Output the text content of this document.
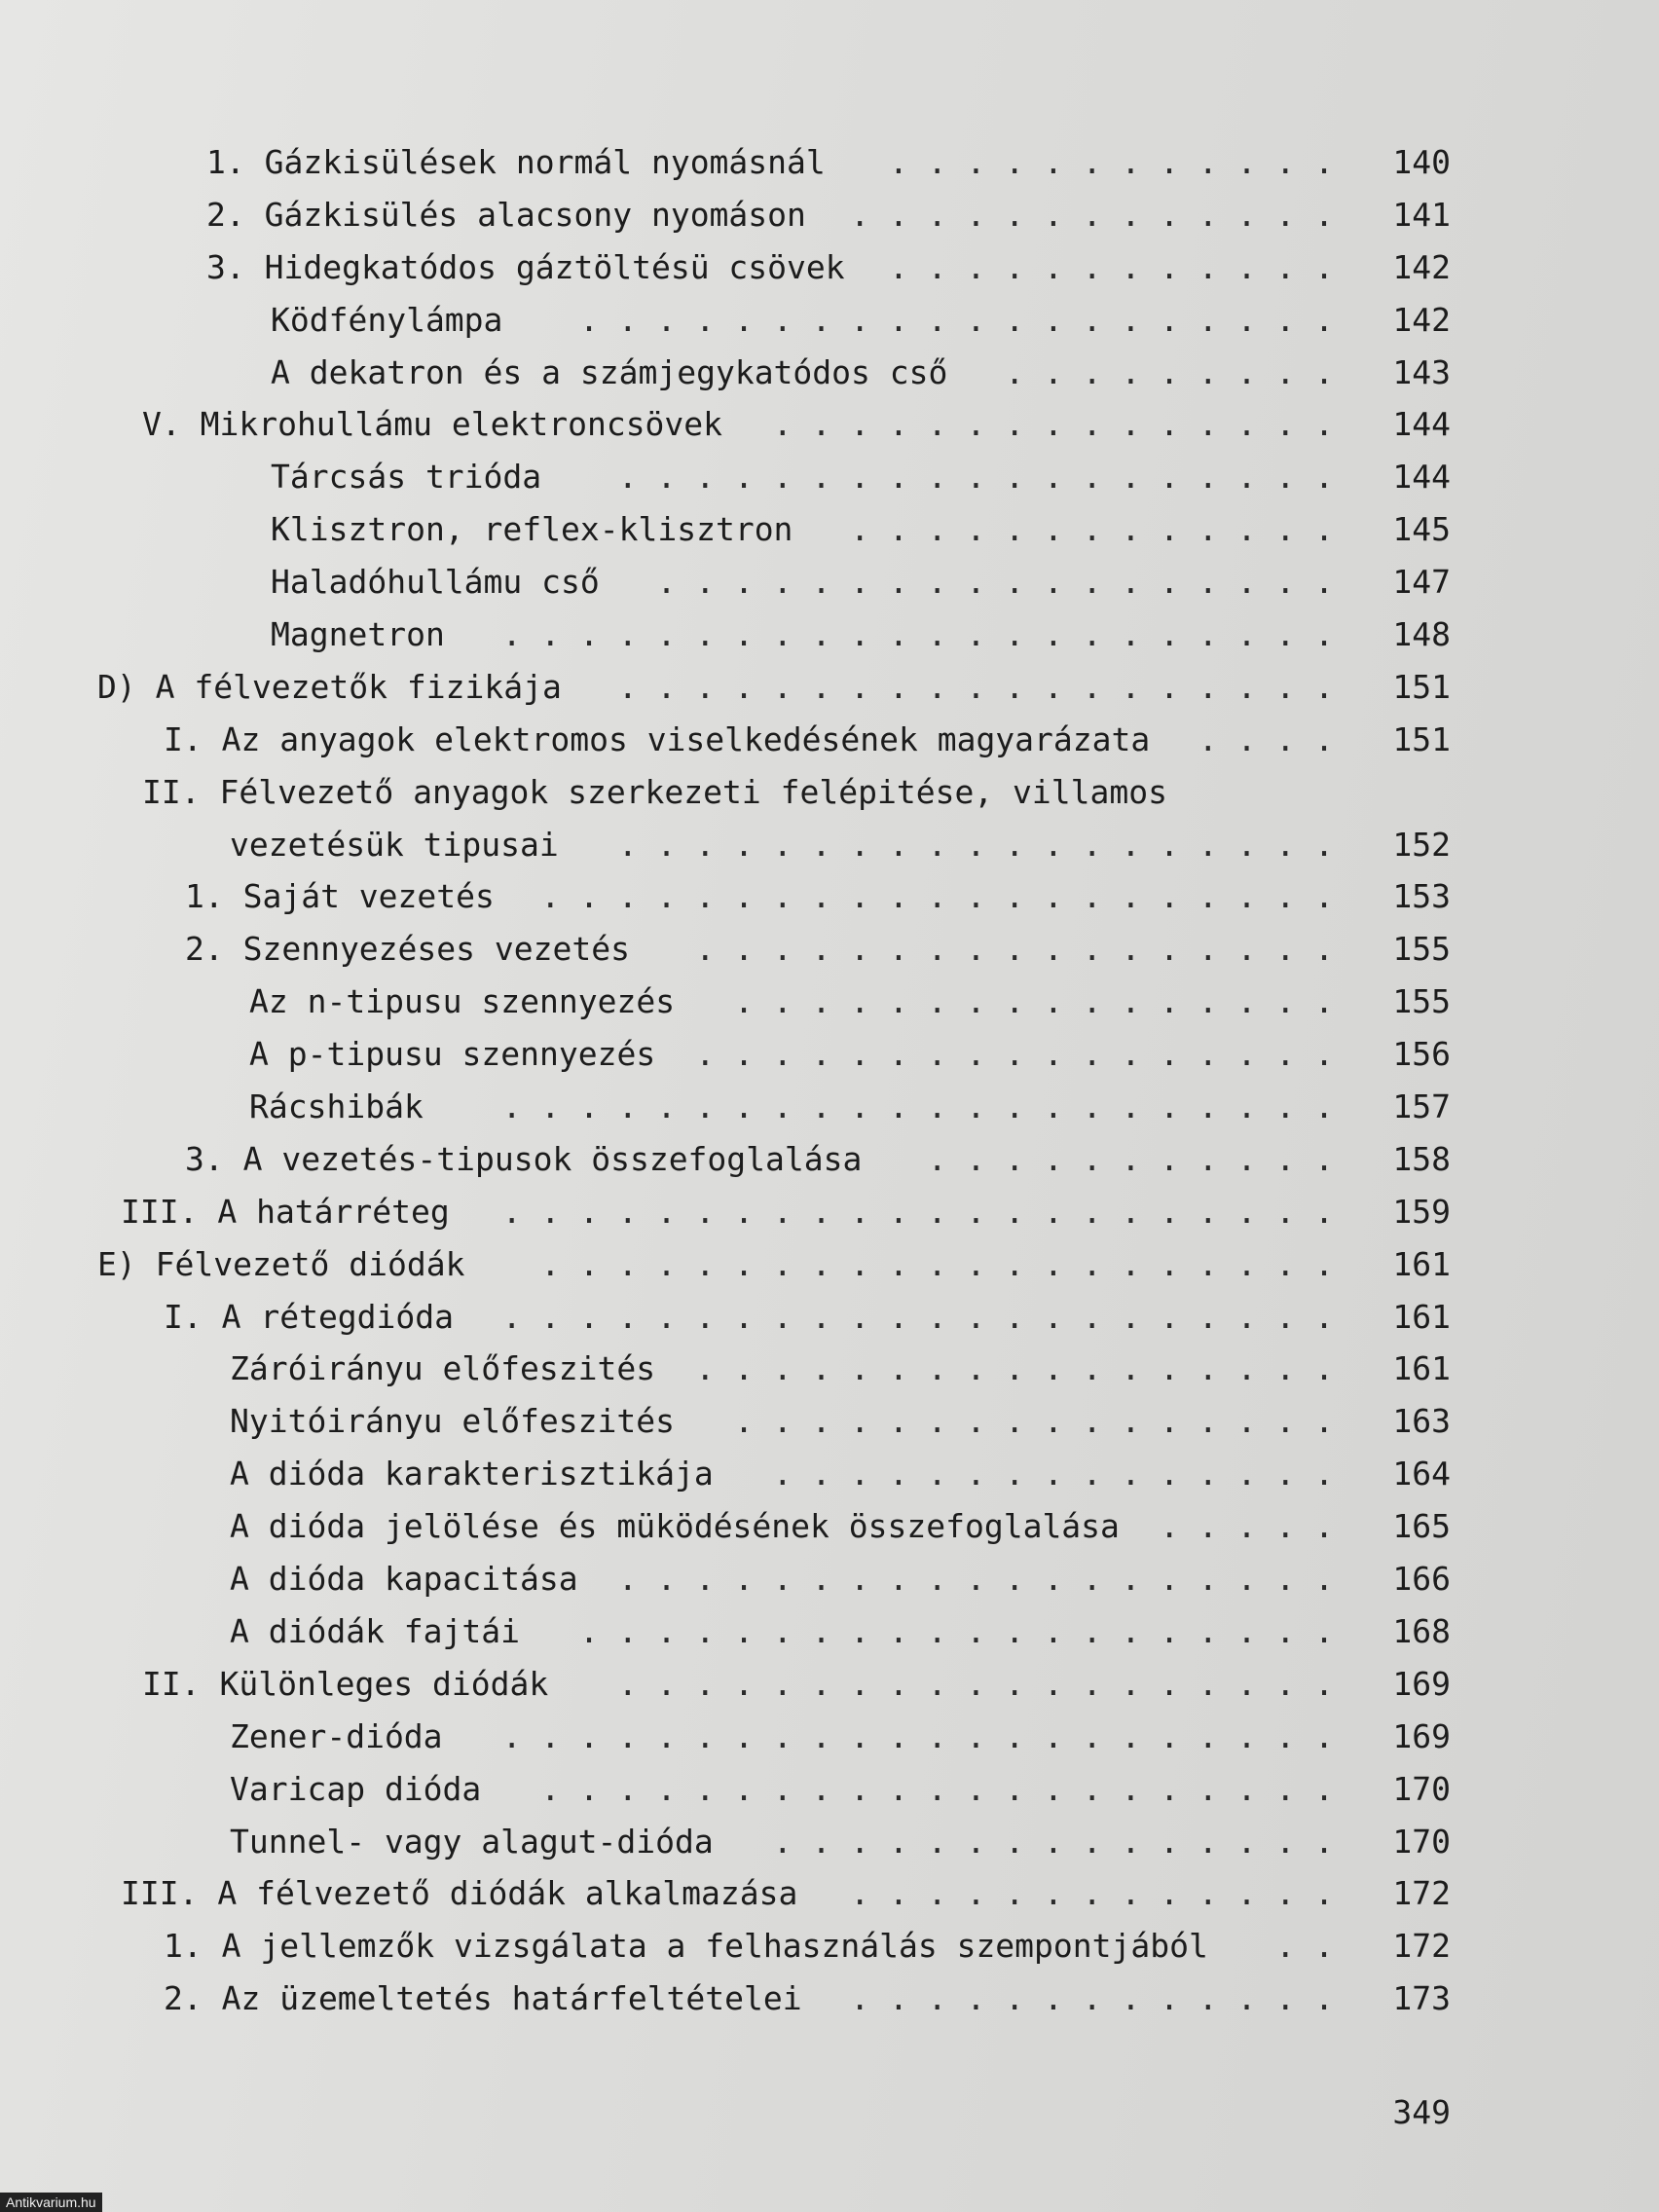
1. Gázkisülések normál nyomásnál	140
. . . . . . . . . . . .
2. Gázkisülés alacsony nyomáson	141
. . . . . . . . . . . . .
3. Hidegkatódos gáztöltésü csövek	142
. . . . . . . . . . . .
Ködfénylámpa	142
. . . . . . . . . . . . . . . . . . . .
A dekatron és a számjegykatódos cső	143
. . . . . . . . .
V. Mikrohullámu elektroncsövek	144
. . . . . . . . . . . . . . .
Tárcsás trióda	144
. . . . . . . . . . . . . . . . . . .
Klisztron, reflex-klisztron	145
. . . . . . . . . . . . .
Haladóhullámu cső	147
. . . . . . . . . . . . . . . . . .
Magnetron	148
. . . . . . . . . . . . . . . . . . . . . .
D) A félvezetők fizikája	151
. . . . . . . . . . . . . . . . . . .
I. Az anyagok elektromos viselkedésének magyarázata	151
. . . .
II. Félvezető anyagok szerkezeti felépitése, villamos
vezetésük tipusai	152
. . . . . . . . . . . . . . . . . . .
1. Saját vezetés	153
. . . . . . . . . . . . . . . . . . . . .
2. Szennyezéses vezetés	155
. . . . . . . . . . . . . . . . .
Az n-tipusu szennyezés	155
. . . . . . . . . . . . . . . .
A p-tipusu szennyezés	156
. . . . . . . . . . . . . . . . .
Rácshibák	157
. . . . . . . . . . . . . . . . . . . . . .
3. A vezetés-tipusok összefoglalása	158
. . . . . . . . . . .
III. A határréteg	159
. . . . . . . . . . . . . . . . . . . . . .
E) Félvezető diódák	161
. . . . . . . . . . . . . . . . . . . . .
I. A rétegdióda	161
. . . . . . . . . . . . . . . . . . . . . .
Záróirányu előfeszités	161
. . . . . . . . . . . . . . . . .
Nyitóirányu előfeszités	163
. . . . . . . . . . . . . . . .
A dióda karakterisztikája	164
. . . . . . . . . . . . . . .
A dióda jelölése és müködésének összefoglalása	165
. . . . .
A dióda kapacitása	166
. . . . . . . . . . . . . . . . . . .
A diódák fajtái	168
. . . . . . . . . . . . . . . . . . . .
II. Különleges diódák	169
. . . . . . . . . . . . . . . . . . .
Zener-dióda	169
. . . . . . . . . . . . . . . . . . . . . .
Varicap dióda	170
. . . . . . . . . . . . . . . . . . . . .
Tunnel- vagy alagut-dióda	170
. . . . . . . . . . . . . . .
III. A félvezető diódák alkalmazása	172
. . . . . . . . . . . . .
1. A jellemzők vizsgálata a felhasználás szempontjából	172
. .
2. Az üzemeltetés határfeltételei	173
. . . . . . . . . . . . .
349
Antikvarium.hu
